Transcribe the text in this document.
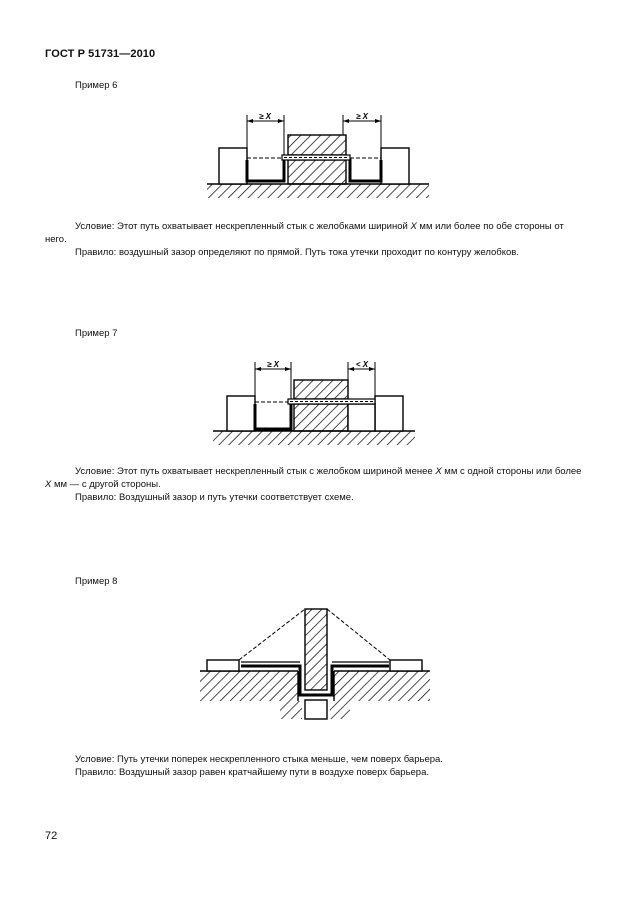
ГОСТ Р 51731—2010
Пример 6
≥ X	≥ X

Условие: Этот путь охватывает нескрепленный стык с желобками шириной X мм или более по обе стороны от него.

Правило: воздушный зазор определяют по прямой. Путь тока утечки проходит по контуру желобков.

Пример 7
≥ X	< X

Условие: Этот путь охватывает нескрепленный стык с желобком шириной менее X мм с одной стороны или более X мм — с другой стороны.

Правило: Воздушный зазор и путь утечки соответствует схеме.

Пример 8

Условие: Путь утечки поперек нескрепленного стыка меньше, чем поверх барьера.

Правило: Воздушный зазор равен кратчайшему пути в воздухе поверх барьера.

72
